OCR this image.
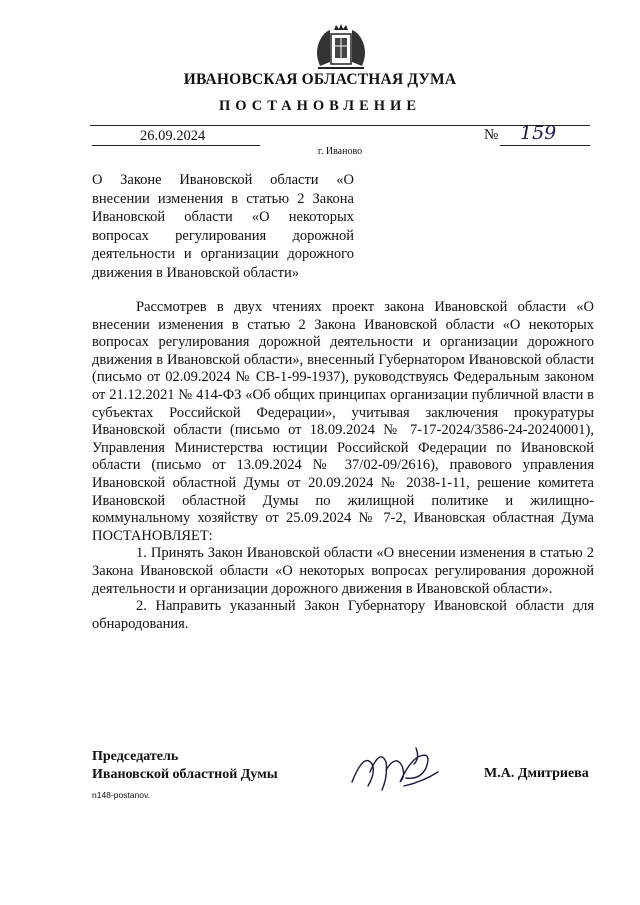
ИВАНОВСКАЯ ОБЛАСТНАЯ ДУМА
ПОСТАНОВЛЕНИЕ
26.09.2024	№ 159
г. Иваново
О Законе Ивановской области «О внесении изменения в статью 2 Закона Ивановской области «О некоторых вопросах регулирования дорожной деятельности и организации дорожного движения в Ивановской области»

Рассмотрев в двух чтениях проект закона Ивановской области «О внесении изменения в статью 2 Закона Ивановской области «О некоторых вопросах регулирования дорожной деятельности и организации дорожного движения в Ивановской области», внесенный Губернатором Ивановской области (письмо от 02.09.2024 № СВ-1-99-1937), руководствуясь Федеральным законом от 21.12.2021 № 414-ФЗ «Об общих принципах организации публичной власти в субъектах Российской Федерации», учитывая заключения прокуратуры Ивановской области (письмо от 18.09.2024 № 7-17-2024/3586-24-20240001), Управления Министерства юстиции Российской Федерации по Ивановской области (письмо от 13.09.2024 № 37/02-09/2616), правового управления Ивановской областной Думы от 20.09.2024 № 2038-1-11, решение комитета Ивановской областной Думы по жилищной политике и жилищно-коммунальному хозяйству от 25.09.2024 № 7-2, Ивановская областная Дума ПОСТАНОВЛЯЕТ:

1. Принять Закон Ивановской области «О внесении изменения в статью 2 Закона Ивановской области «О некоторых вопросах регулирования дорожной деятельности и организации дорожного движения в Ивановской области».

2. Направить указанный Закон Губернатору Ивановской области для обнародования.

Председатель
Ивановской областной Думы	М.А. Дмитриева
n148-postanov.
